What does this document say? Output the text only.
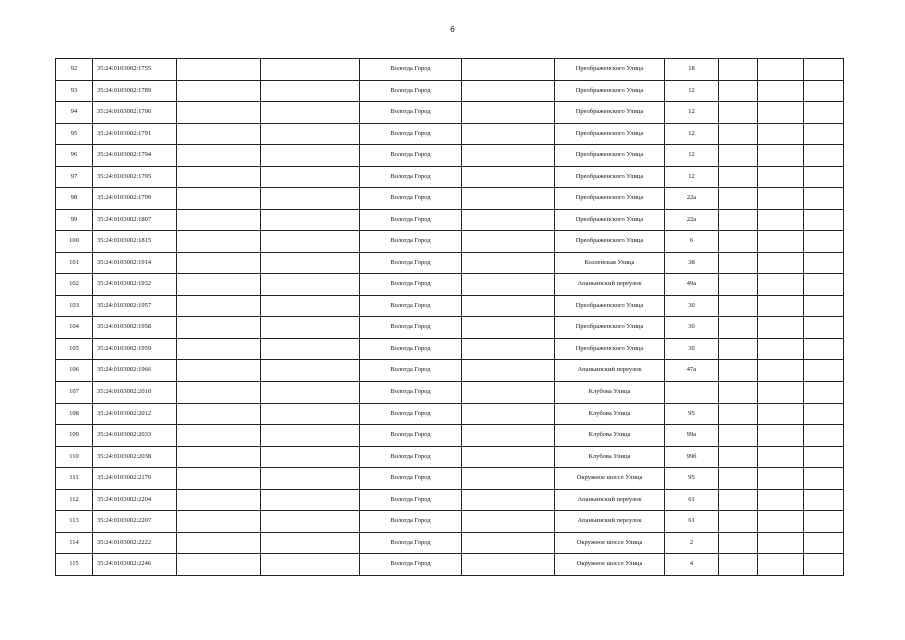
6
92	35:24:0103002:1755			Вологда Город		Преображенского Улица	18			
93	35:24:0103002:1789			Вологда Город		Преображенского Улица	12			
94	35:24:0103002:1790			Вологда Город		Преображенского Улица	12			
95	35:24:0103002:1791			Вологда Город		Преображенского Улица	12			
96	35:24:0103002:1794			Вологда Город		Преображенского Улица	12			
97	35:24:0103002:1795			Вологда Город		Преображенского Улица	12			
98	35:24:0103002:1799			Вологда Город		Преображенского Улица	22а			
99	35:24:0103002:1807			Вологда Город		Преображенского Улица	22а			
100	35:24:0103002:1815			Вологда Город		Преображенского Улица	6			
101	35:24:0103002:1914			Вологда Город		Козленская Улица	38			
102	35:24:0103002:1932			Вологда Город		Апаньинский переулок	49а			
103	35:24:0103002:1957			Вологда Город		Преображенского Улица	30			
104	35:24:0103002:1958			Вологда Город		Преображенского Улица	30			
105	35:24:0103002:1959			Вологда Город		Преображенского Улица	30			
106	35:24:0103002:1966			Вологда Город		Апаньинский переулок	47а			
107	35:24:0103002:2010			Вологда Город		Клубова Улица				
108	35:24:0103002:2012			Вологда Город		Клубова Улица	95			
109	35:24:0103002:2033			Вологда Город		Клубова Улица	99а			
110	35:24:0103002:2038			Вологда Город		Клубова Улица	99б			
111	35:24:0103002:2170			Вологда Город		Окружное шоссе Улица	95			
112	35:24:0103002:2204			Вологда Город		Апаньинский переулок	61			
113	35:24:0103002:2207			Вологда Город		Апаньинский переулок	61			
114	35:24:0103002:2222			Вологда Город		Окружное шоссе Улица	2			
115	35:24:0103002:2246			Вологда Город		Окружное шоссе Улица	4			
